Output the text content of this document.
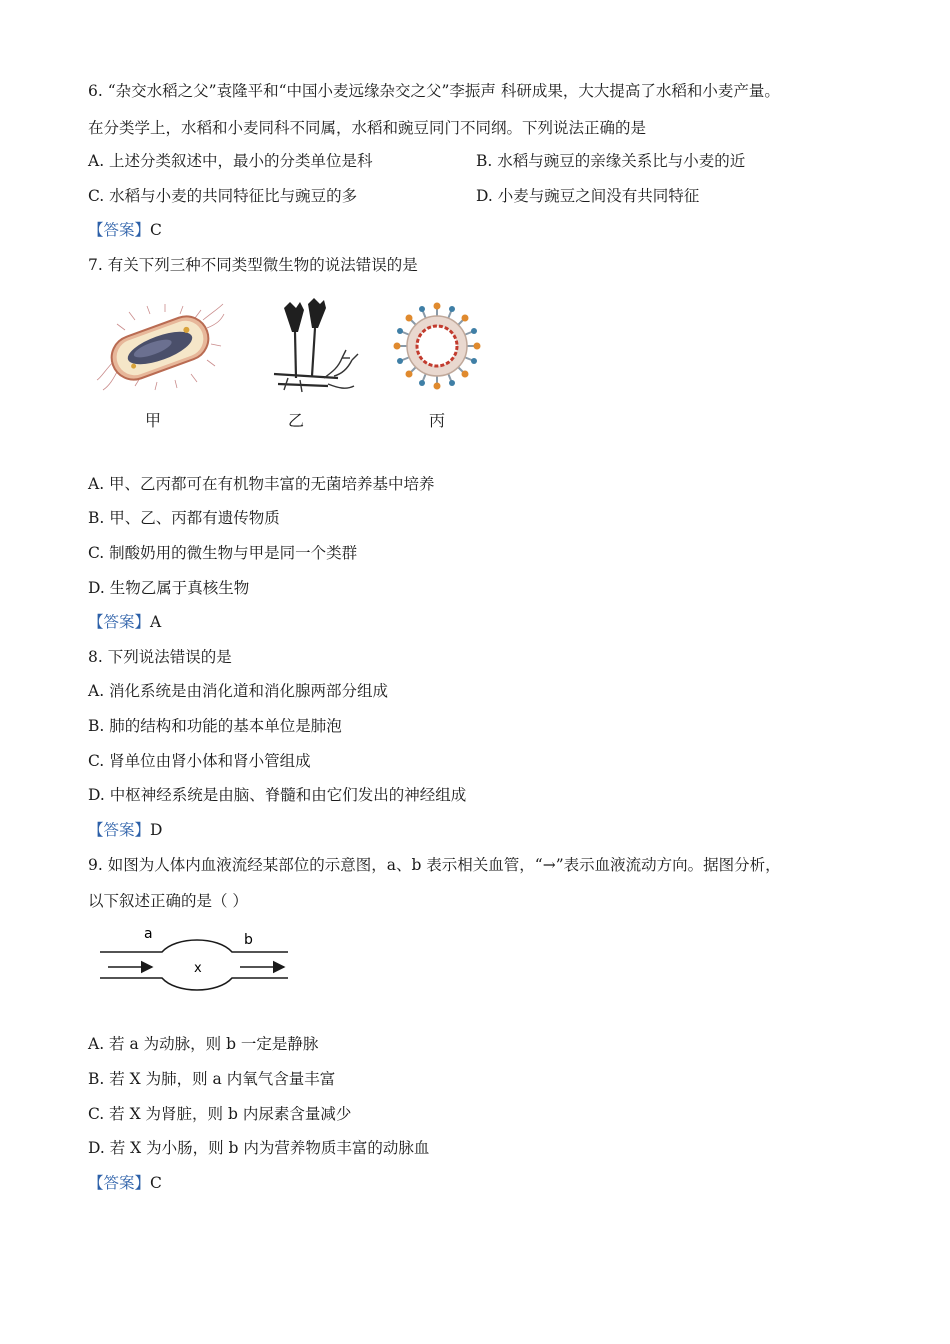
6. “杂交水稻之父”袁隆平和“中国小麦远缘杂交之父”李振声 科研成果，大大提高了水稻和小麦产量。
在分类学上，水稻和小麦同科不同属，水稻和豌豆同门不同纲。下列说法正确的是
A. 上述分类叙述中，最小的分类单位是科	B. 水稻与豌豆的亲缘关系比与小麦的近
C. 水稻与小麦的共同特征比与豌豆的多	D. 小麦与豌豆之间没有共同特征
【答案】C
7. 有关下列三种不同类型微生物的说法错误的是
甲	乙	丙
A. 甲、乙丙都可在有机物丰富的无菌培养基中培养
B. 甲、乙、丙都有遗传物质
C. 制酸奶用的微生物与甲是同一个类群
D. 生物乙属于真核生物
【答案】A
8. 下列说法错误的是
A. 消化系统是由消化道和消化腺两部分组成
B. 肺的结构和功能的基本单位是肺泡
C. 肾单位由肾小体和肾小管组成
D. 中枢神经系统是由脑、脊髓和由它们发出的神经组成
【答案】D
9. 如图为人体内血液流经某部位的示意图，a、b 表示相关血管，“→”表示血液流动方向。据图分析，
以下叙述正确的是（ ）
a	b
x
A. 若 a 为动脉，则 b 一定是静脉
B. 若 X 为肺，则 a 内氧气含量丰富
C. 若 X 为肾脏，则 b 内尿素含量减少
D. 若 X 为小肠，则 b 内为营养物质丰富的动脉血
【答案】C
